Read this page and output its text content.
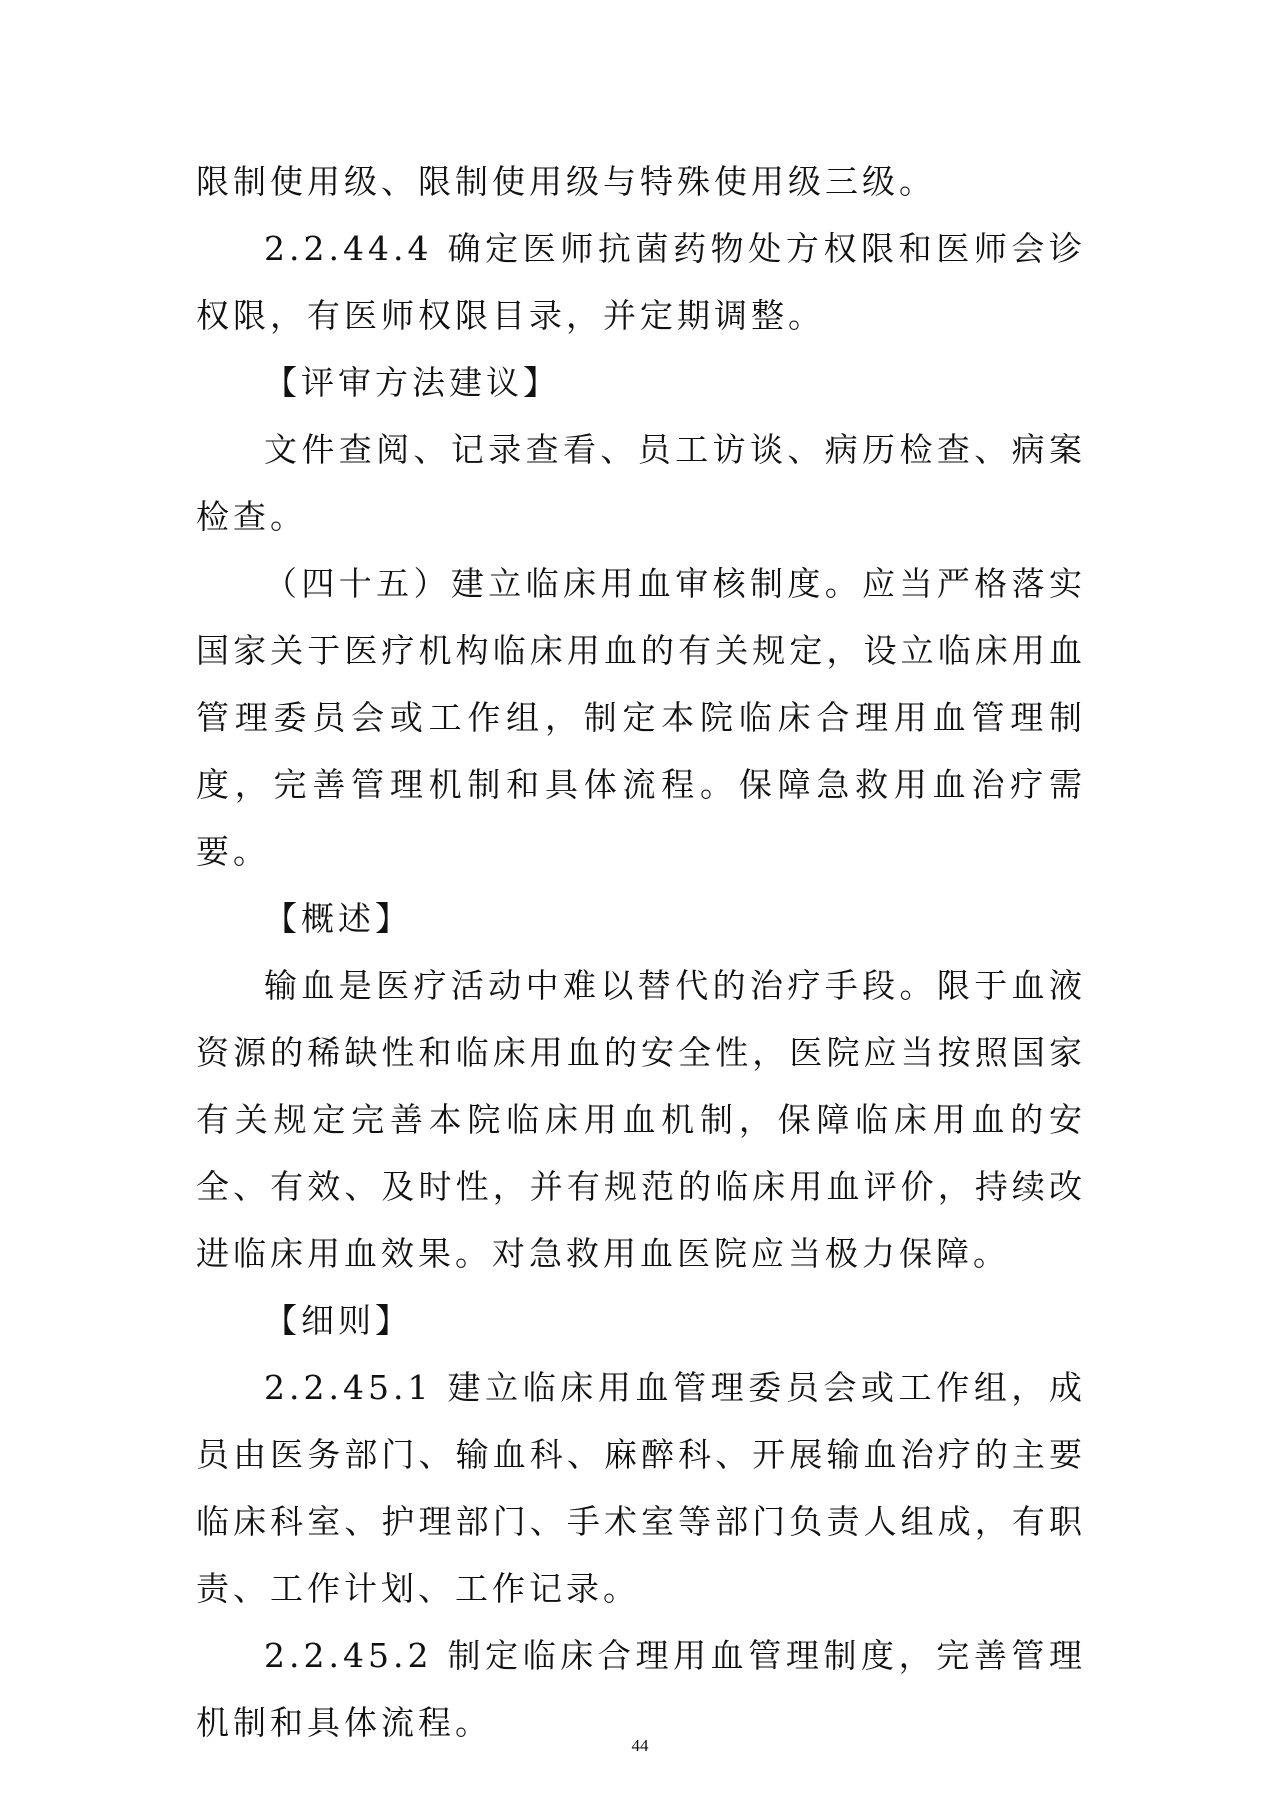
限制使用级、限制使用级与特殊使用级三级。

2.2.44.4 确定医师抗菌药物处方权限和医师会诊权限，有医师权限目录，并定期调整。

【评审方法建议】

文件查阅、记录查看、员工访谈、病历检查、病案检查。

（四十五）建立临床用血审核制度。应当严格落实国家关于医疗机构临床用血的有关规定，设立临床用血管理委员会或工作组，制定本院临床合理用血管理制度，完善管理机制和具体流程。保障急救用血治疗需要。

【概述】

输血是医疗活动中难以替代的治疗手段。限于血液资源的稀缺性和临床用血的安全性，医院应当按照国家有关规定完善本院临床用血机制，保障临床用血的安全、有效、及时性，并有规范的临床用血评价，持续改进临床用血效果。对急救用血医院应当极力保障。

【细则】

2.2.45.1 建立临床用血管理委员会或工作组，成员由医务部门、输血科、麻醉科、开展输血治疗的主要临床科室、护理部门、手术室等部门负责人组成，有职责、工作计划、工作记录。

2.2.45.2 制定临床合理用血管理制度，完善管理机制和具体流程。

44
